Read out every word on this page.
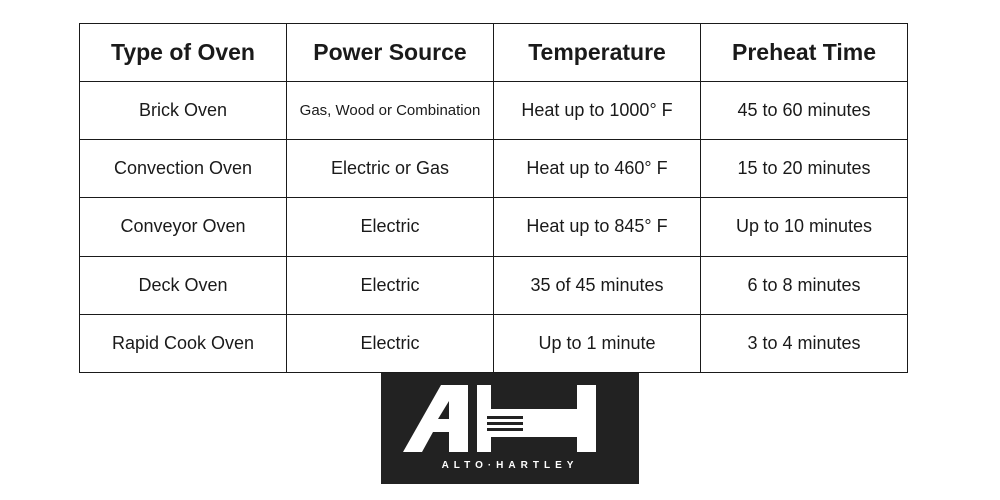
Type of Oven	Power Source	Temperature	Preheat Time
Brick Oven	Gas, Wood or Combination	Heat up to 1000° F	45 to 60 minutes
Convection Oven	Electric or Gas	Heat up to 460° F	15 to 20 minutes
Conveyor Oven	Electric	Heat up to 845° F	Up to 10 minutes
Deck Oven	Electric	35 of 45 minutes	6 to 8 minutes
Rapid Cook Oven	Electric	Up to 1 minute	3 to 4 minutes
ALTO·HARTLEY
